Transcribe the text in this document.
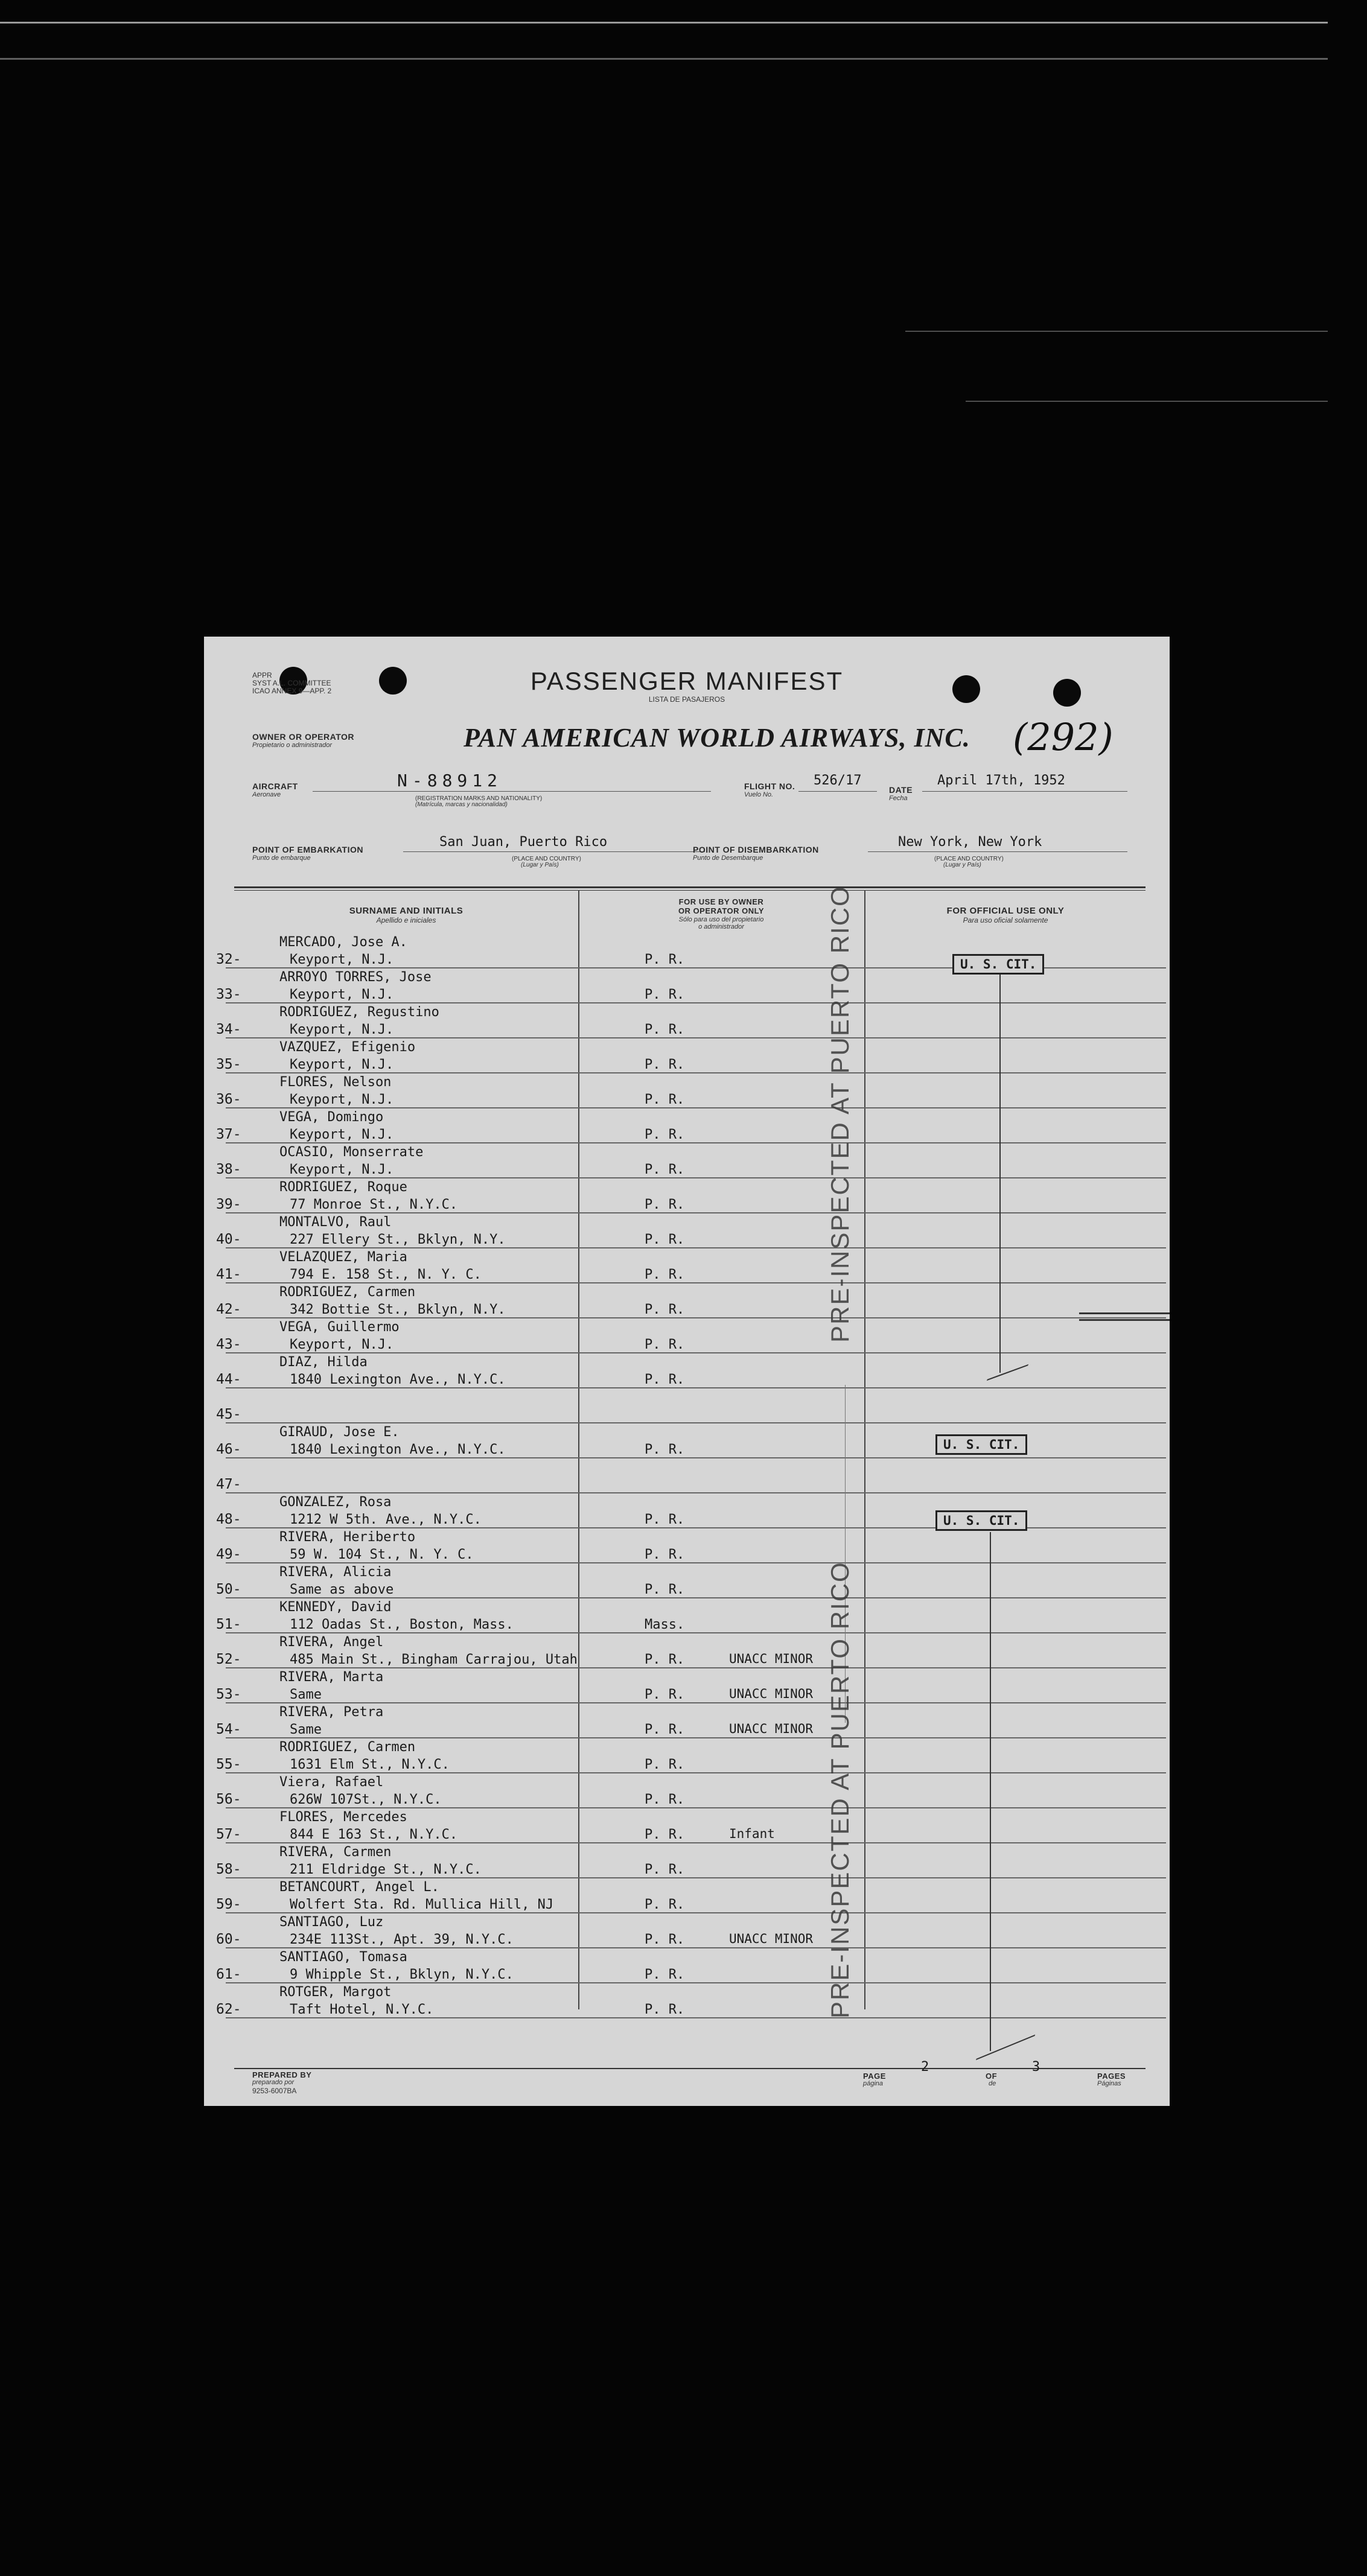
APPR
SYST A.L. COMMITTEE
ICAO ANNEX 9—APP. 2	PASSENGER MANIFEST
LISTA DE PASAJEROS
OWNER OR OPERATOR
Propietario o administrador	PAN AMERICAN WORLD AIRWAYS, INC. (292)
AIRCRAFT
Aeronave
N-88912
(REGISTRATION MARKS AND NATIONALITY)
(Matrícula, marcas y nacionalidad)
FLIGHT NO.
Vuelo No.
526/17
DATE
Fecha
April 17th, 1952
POINT OF EMBARKATION
Punto de embarque
San Juan, Puerto Rico
(PLACE AND COUNTRY)
(Lugar y País)
POINT OF DISEMBARKATION
Punto de Desembarque
New York, New York
(PLACE AND COUNTRY)
(Lugar y País)
SURNAME AND INITIALS
Apellido e iniciales
FOR USE BY OWNER
OR OPERATOR ONLY
Sólo para uso del propietario
o administrador
FOR OFFICIAL USE ONLY
Para uso oficial solamente
32-
MERCADO, Jose A.
Keyport, N.J.	P. R.
33-
ARROYO TORRES, Jose
Keyport, N.J.	P. R.
34-
RODRIGUEZ, Regustino
Keyport, N.J.	P. R.
35-
VAZQUEZ, Efigenio
Keyport, N.J.	P. R.
36-
FLORES, Nelson
Keyport, N.J.	P. R.
37-
VEGA, Domingo
Keyport, N.J.	P. R.
38-
OCASIO, Monserrate
Keyport, N.J.	P. R.
39-
RODRIGUEZ, Roque
77 Monroe St., N.Y.C.	P. R.
40-
MONTALVO, Raul
227 Ellery St., Bklyn, N.Y.	P. R.
41-
VELAZQUEZ, Maria
794 E. 158 St., N. Y. C.	P. R.
42-
RODRIGUEZ, Carmen
342 Bottie St., Bklyn, N.Y.	P. R.
43-
VEGA, Guillermo
Keyport, N.J.	P. R.
44-
DIAZ, Hilda
1840 Lexington Ave., N.Y.C.	P. R.
45-
46-
GIRAUD, Jose E.
1840 Lexington Ave., N.Y.C.	P. R.
47-
48-
GONZALEZ, Rosa
1212 W 5th. Ave., N.Y.C.	P. R.
49-
RIVERA, Heriberto
59 W. 104 St., N. Y. C.	P. R.
50-
RIVERA, Alicia
Same as above	P. R.
51-
KENNEDY, David
112 Oadas St., Boston, Mass.	Mass.
52-
RIVERA, Angel
485 Main St., Bingham Carrajou, Utah	P. R.	UNACC MINOR
53-
RIVERA, Marta
Same	P. R.	UNACC MINOR
54-
RIVERA, Petra
Same	P. R.	UNACC MINOR
55-
RODRIGUEZ, Carmen
1631 Elm St., N.Y.C.	P. R.
56-
Viera, Rafael
626W 107St., N.Y.C.	P. R.
57-
FLORES, Mercedes
844 E 163 St., N.Y.C.	P. R.	Infant
58-
RIVERA, Carmen
211 Eldridge St., N.Y.C.	P. R.
59-
BETANCOURT, Angel L.
Wolfert Sta. Rd. Mullica Hill, NJ	P. R.
60-
SANTIAGO, Luz
234E 113St., Apt. 39, N.Y.C.	P. R.	UNACC MINOR
61-
SANTIAGO, Tomasa
9 Whipple St., Bklyn, N.Y.C.	P. R.
62-
ROTGER, Margot
Taft Hotel, N.Y.C.	P. R.
U. S. CIT.
U. S. CIT.
U. S. CIT.
PRE-INSPECTED AT PUERTO RICO
PRE-INSPECTED AT PUERTO RICO
PREPARED BY
preparado por
9253-6007BA
PAGE
página
2
OF
de
3
PAGES
Páginas
